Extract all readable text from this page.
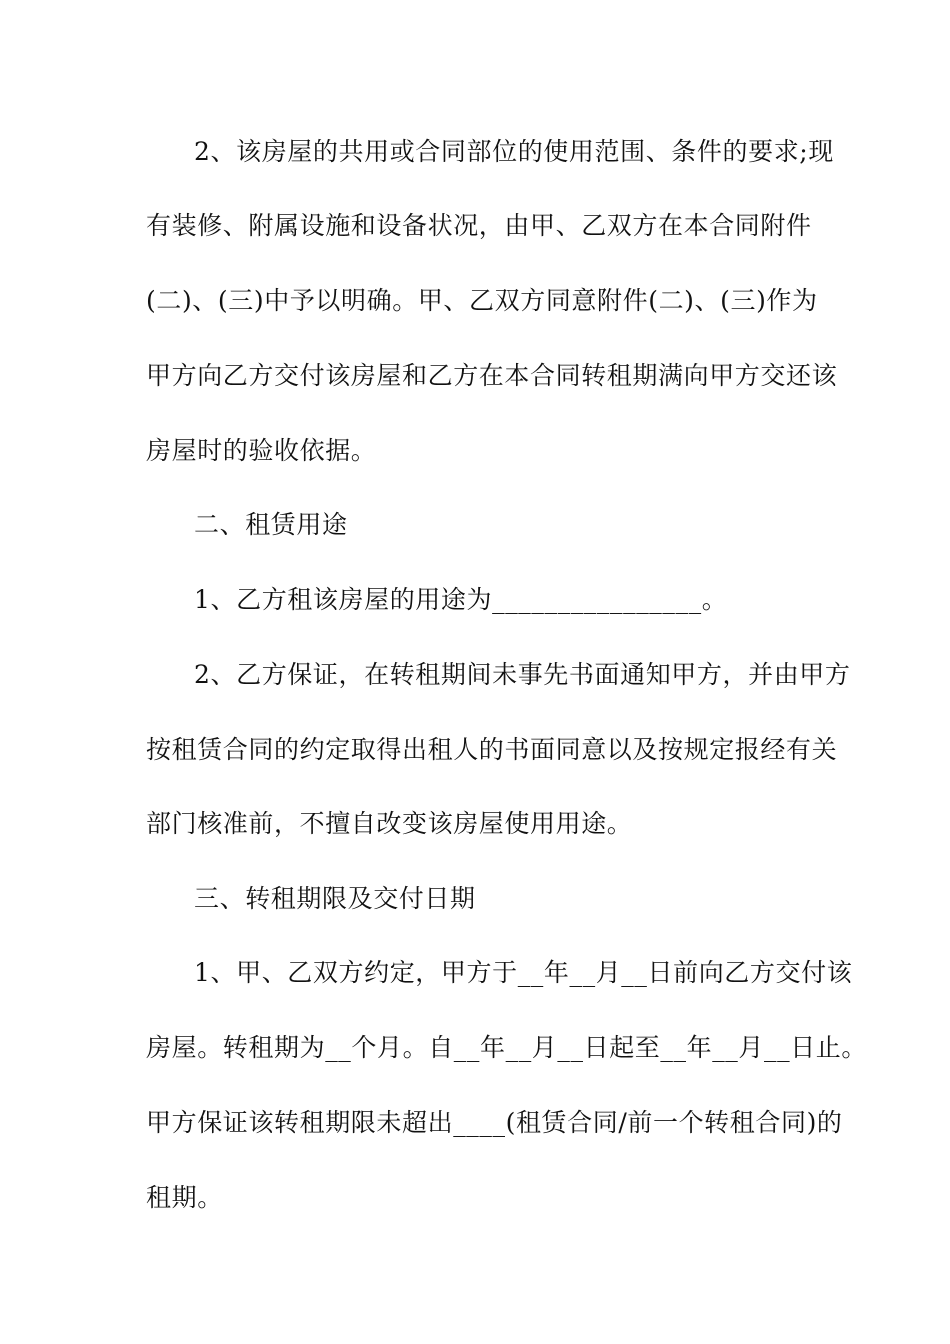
2、该房屋的共用或合同部位的使用范围、条件的要求;现
有装修、附属设施和设备状况，由甲、乙双方在本合同附件
(二)、(三)中予以明确。甲、乙双方同意附件(二)、(三)作为
甲方向乙方交付该房屋和乙方在本合同转租期满向甲方交还该
房屋时的验收依据。
二、租赁用途
1、乙方租该房屋的用途为________________。
2、乙方保证，在转租期间未事先书面通知甲方，并由甲方
按租赁合同的约定取得出租人的书面同意以及按规定报经有关
部门核准前，不擅自改变该房屋使用用途。
三、转租期限及交付日期
1、甲、乙双方约定，甲方于__年__月__日前向乙方交付该
房屋。转租期为__个月。自__年__月__日起至__年__月__日止。
甲方保证该转租期限未超出____(租赁合同/前一个转租合同)的
租期。
